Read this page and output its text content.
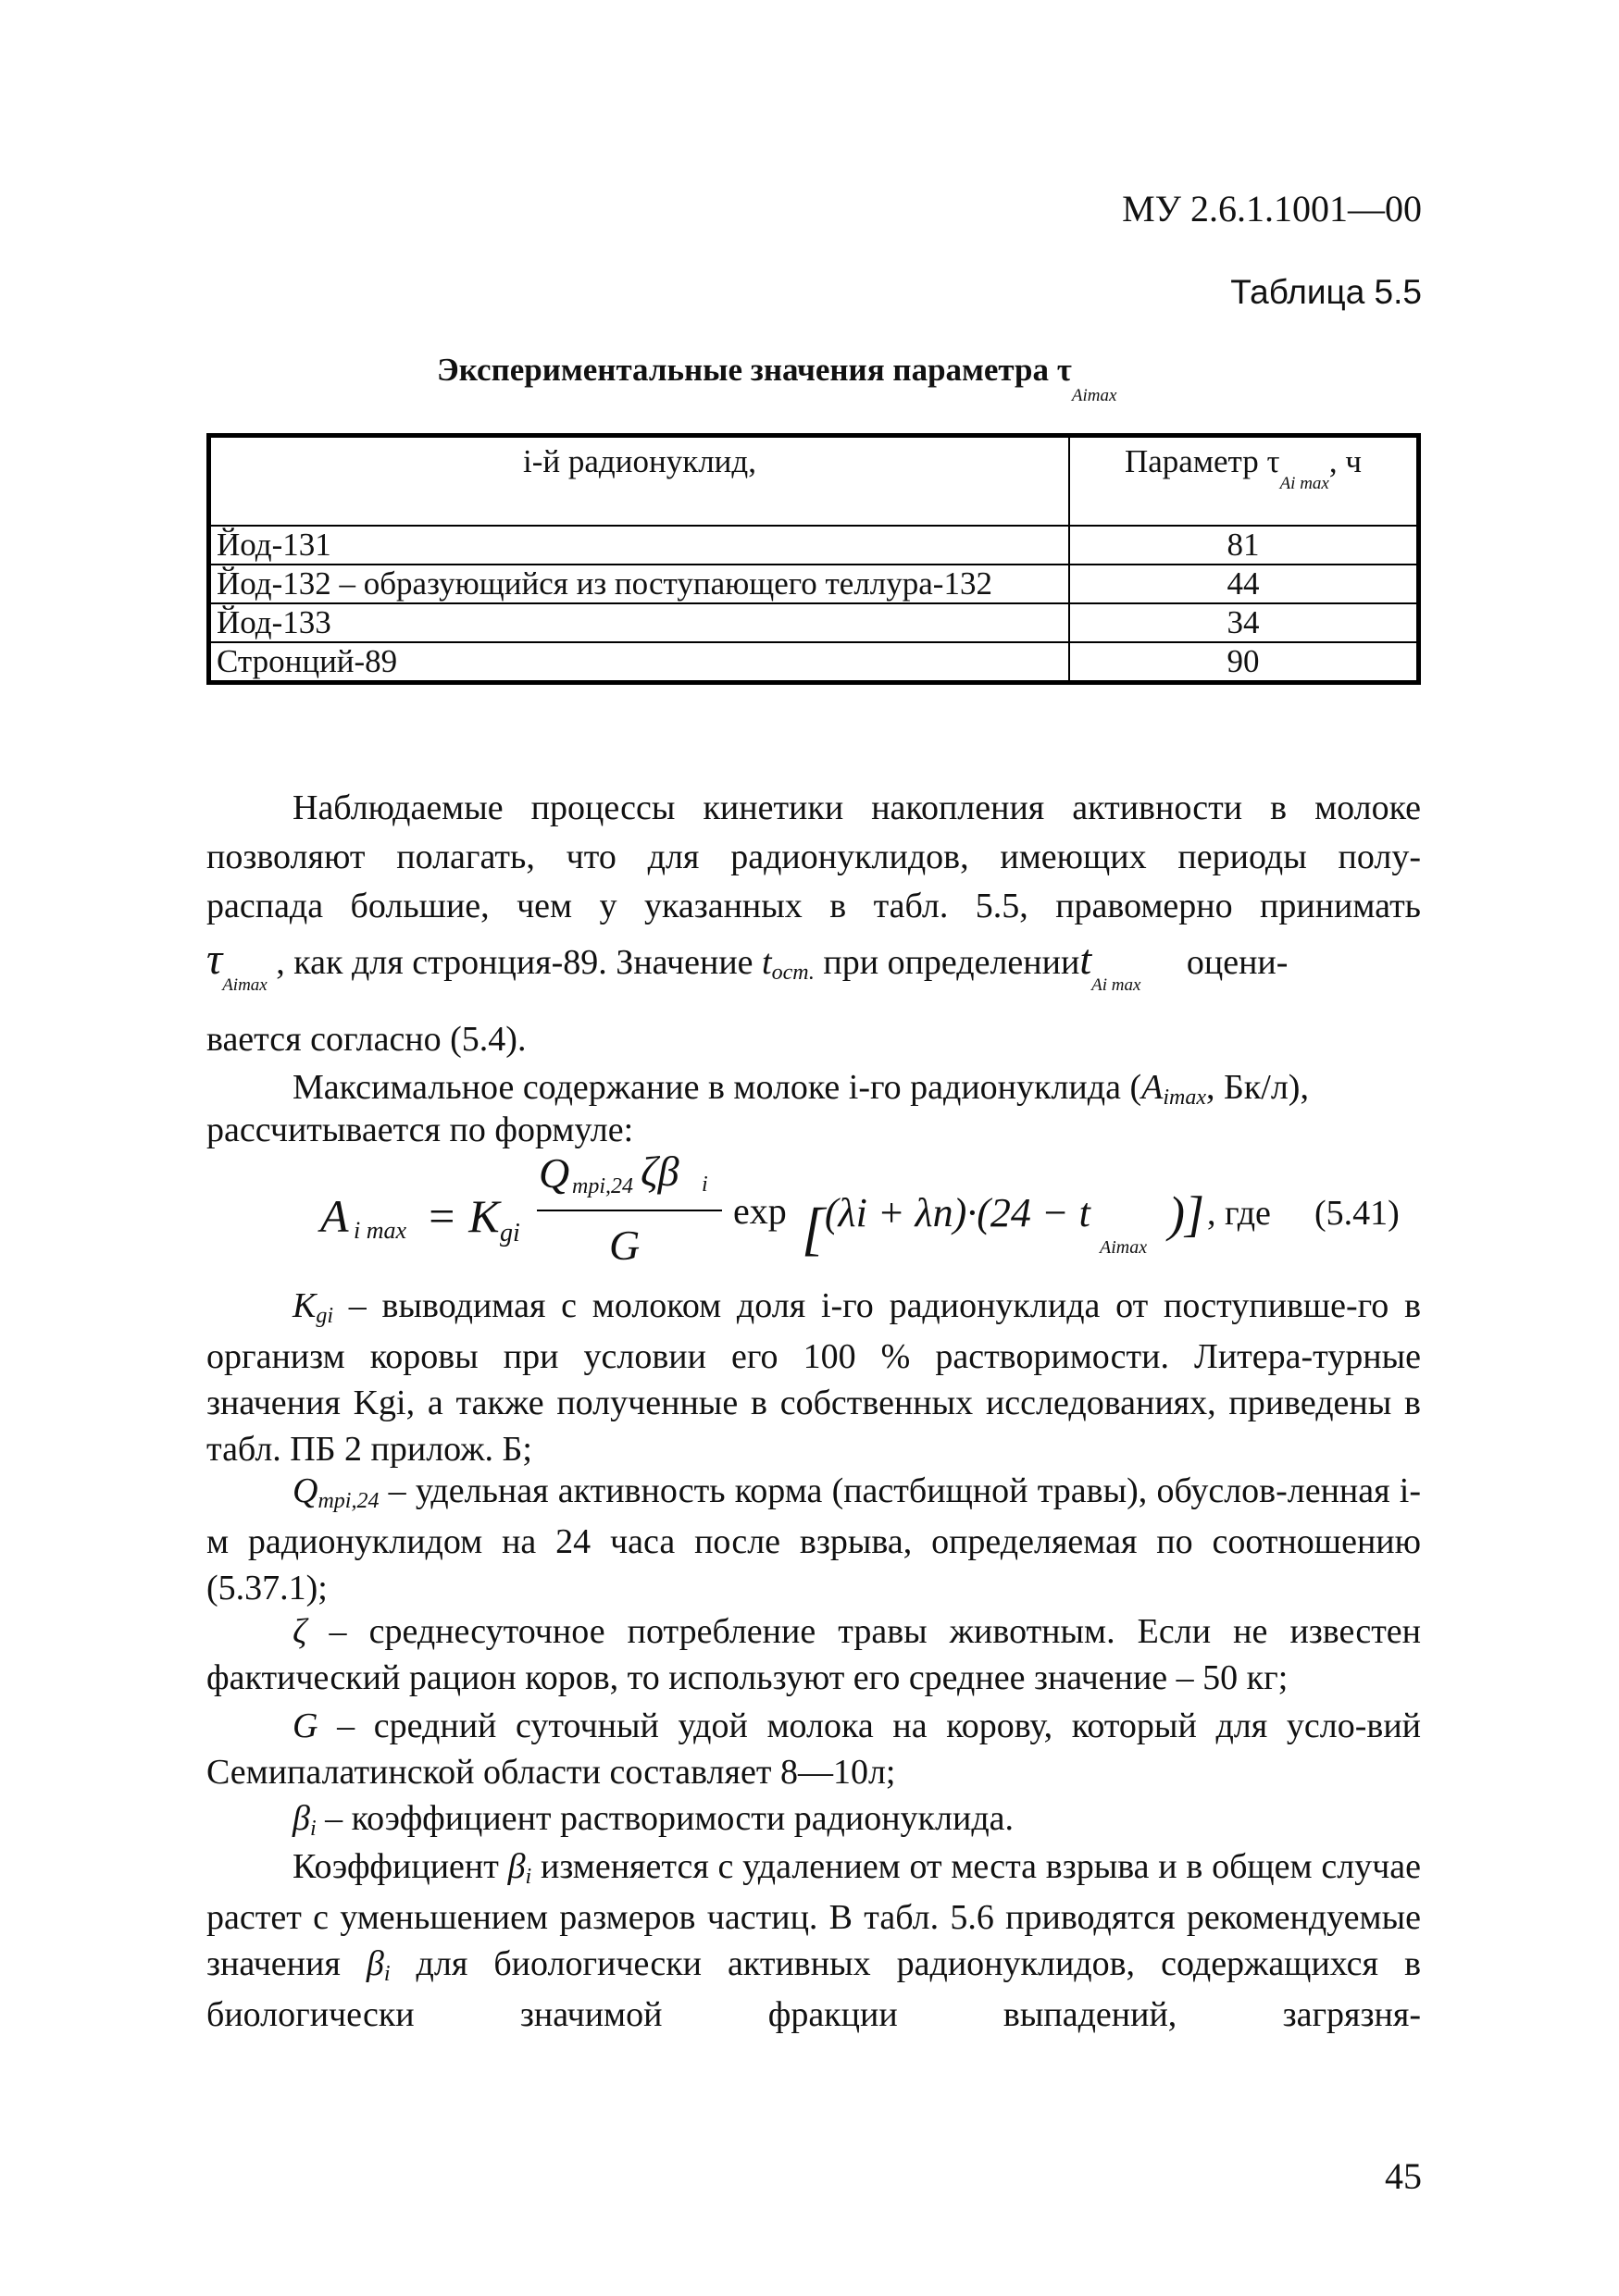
МУ 2.6.1.1001—00
Таблица 5.5
Экспериментальные значения параметра $\tau_{Aimax}$
i-й радионуклид,	Параметр $\tau_{Ai max}$, ч
Йод-131	81
Йод-132 – образующийся из поступающего теллура-132	44
Йод-133	34
Стронций-89	90
Наблюдаемые процессы кинетики накопления активности в молоке
позволяют полагать, что для радионуклидов, имеющих периоды полу-
распада большие, чем у указанных в табл. 5.5, правомерно принимать
$\tau_{Aimax}$ , как для стронция-89. Значение tост. при определенииt$_{Ai max}$ оцени-
вается согласно (5.4).
Максимальное содержание в молоке i-го радионуклида (Aimax, Бк/л),
рассчитывается по формуле:
A i max = K gi
Q mpi,24 ζβ i
G
exp [ (λi + λn)·(24 − t
Aimax
)] , где (5.41)
Kgi – выводимая с молоком доля i-го радионуклида от поступивше-го в организм коровы при условии его 100 % растворимости. Литера-турные значения Kgi, а также полученные в собственных исследованиях, приведены в табл. ПБ 2 прилож. Б;
Qmpi,24 – удельная активность корма (пастбищной травы), обуслов-ленная i-м радионуклидом на 24 часа после взрыва, определяемая по соотношению (5.37.1);
ζ – среднесуточное потребление травы животным. Если не известен фактический рацион коров, то используют его среднее значение – 50 кг;
G – средний суточный удой молока на корову, который для усло-вий Семипалатинской области составляет 8—10л;
βi – коэффициент растворимости радионуклида.
Коэффициент βi изменяется с удалением от места взрыва и в общем случае растет с уменьшением размеров частиц. В табл. 5.6 приводятся рекомендуемые значения βi для биологически активных радионуклидов, содержащихся в биологически значимой фракции выпадений, загрязня-
45
